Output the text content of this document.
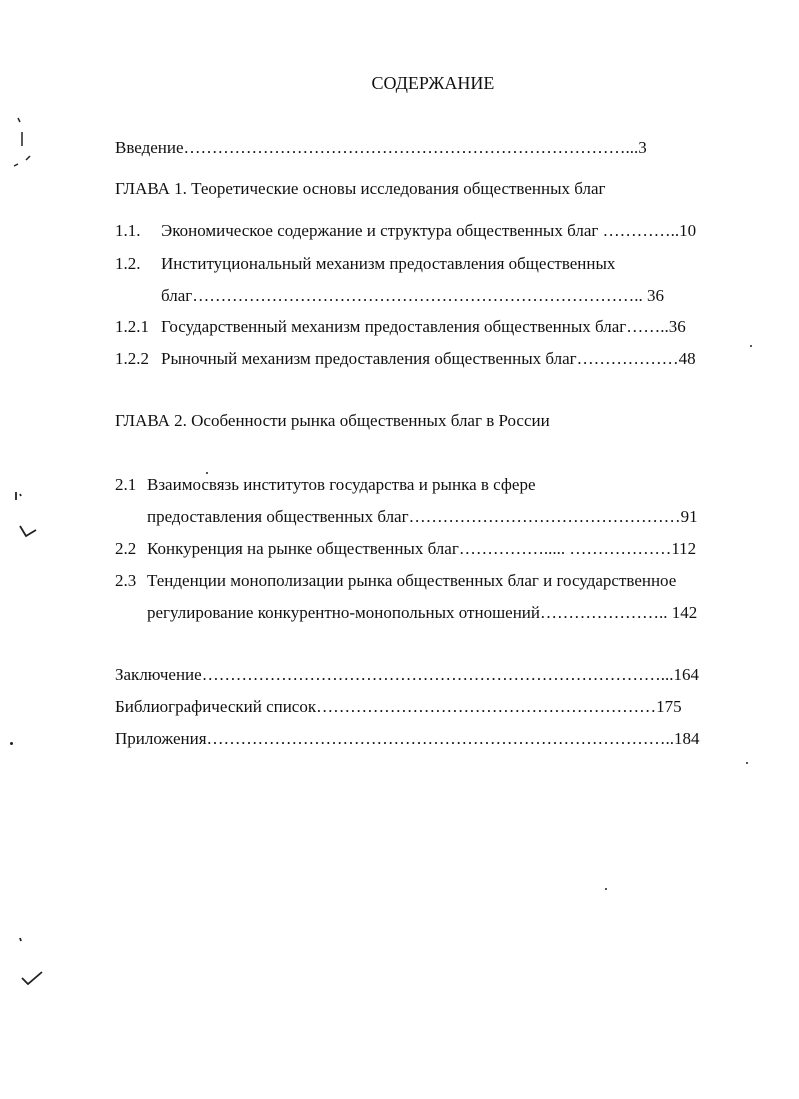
СОДЕРЖАНИЕ
Введение……………………………………………………………………...3
ГЛАВА 1. Теоретические основы исследования общественных благ
1.1. Экономическое содержание и структура общественных благ …………..10
1.2. Институциональный механизм предоставления общественных
благ…………………………………………………………………….. 36
1.2.1 Государственный механизм предоставления общественных благ……..36
1.2.2 Рыночный механизм предоставления общественных благ………………48
ГЛАВА 2. Особенности рынка общественных благ в России
2.1 Взаимосвязь институтов государства и рынка в сфере
предоставления общественных благ…………………………………………91
2.2 Конкуренция на рынке общественных благ……………..... ………………112
2.3 Тенденции монополизации рынка общественных благ и государственное
регулирование конкурентно-монопольных отношений………………….. 142
Заключение………………………………………………………………………...164
Библиографический список……………………………………………………175
Приложения………………………………………………………………………..184
